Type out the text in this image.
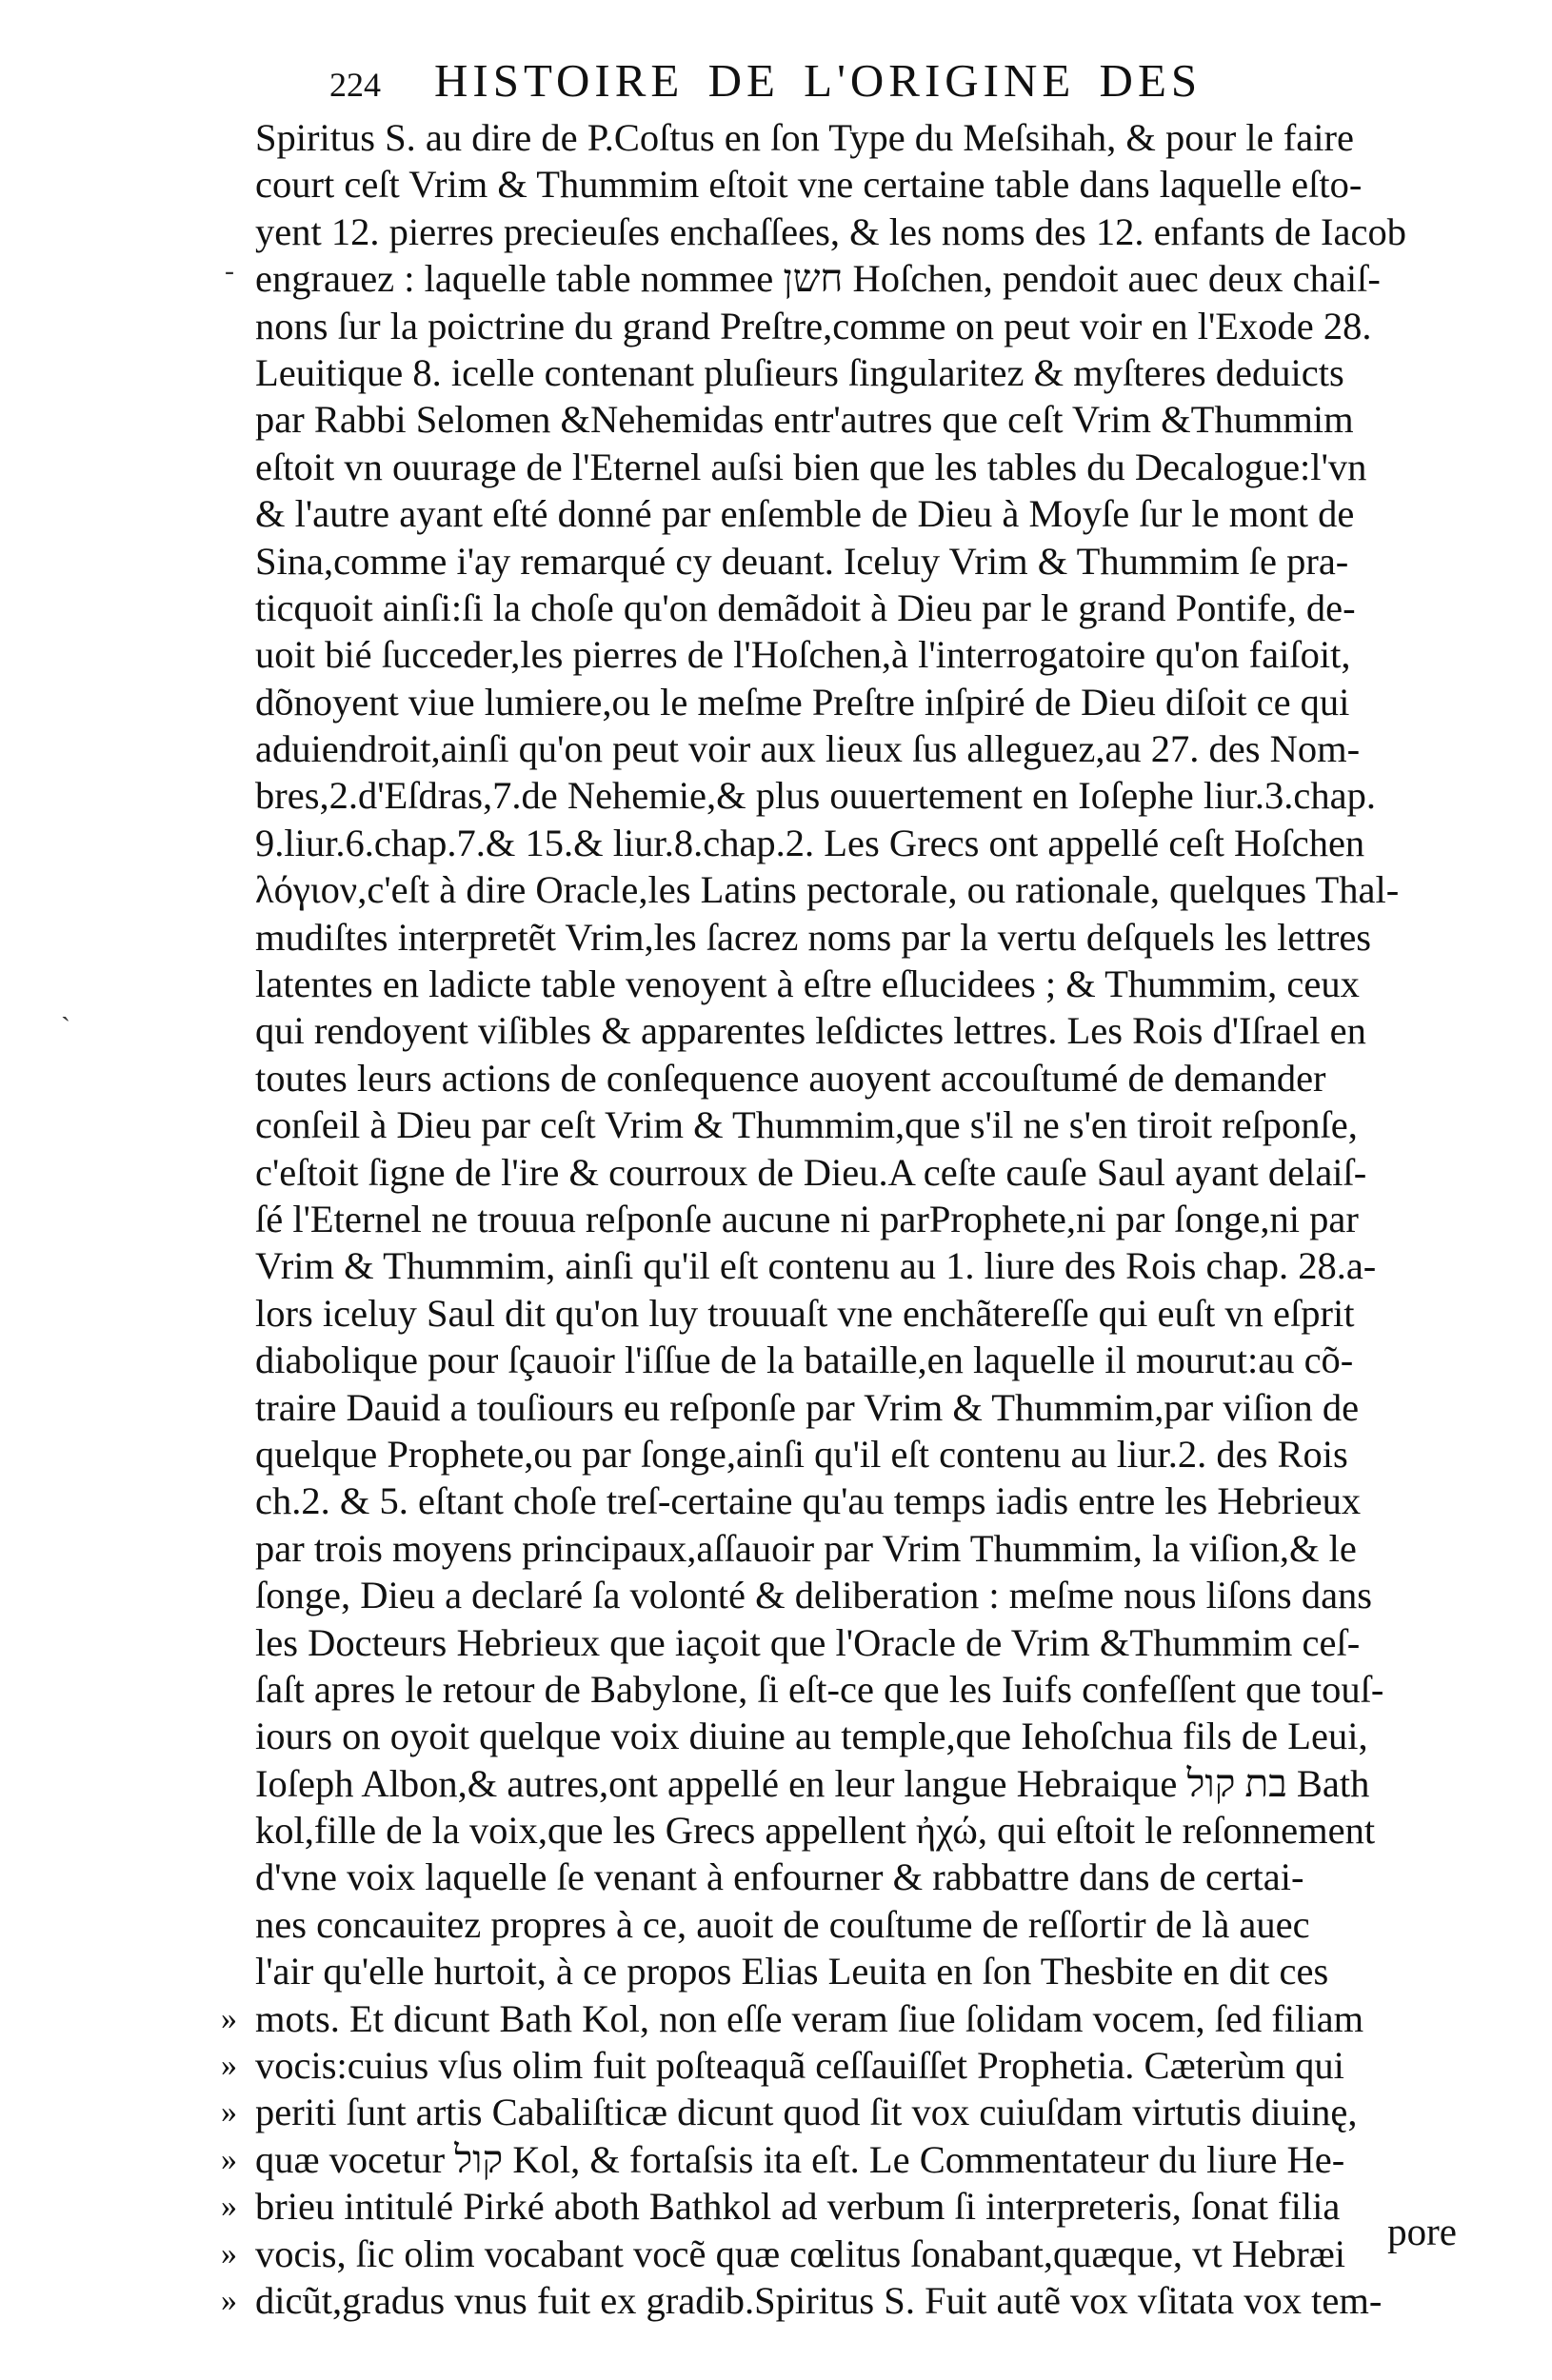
224	HISTOIRE DE L'ORIGINE DES
-
ˏ
Spiritus S. au dire de P.Coſtus en ſon Type du Meſsihah, & pour le faire
court ceſt Vrim & Thummim eſtoit vne certaine table dans laquelle eſto-
yent 12. pierres precieuſes enchaſſees, & les noms des 12. enfants de Iacob
engrauez : laquelle table nommee חשן Hoſchen, pendoit auec deux chaiſ-
nons ſur la poictrine du grand Preſtre,comme on peut voir en l'Exode 28.
Leuitique 8. icelle contenant pluſieurs ſingularitez & myſteres deduicts
par Rabbi Selomen &Nehemidas entr'autres que ceſt Vrim &Thummim
eſtoit vn ouurage de l'Eternel auſsi bien que les tables du Decalogue:l'vn
& l'autre ayant eſté donné par enſemble de Dieu à Moyſe ſur le mont de
Sina,comme i'ay remarqué cy deuant. Iceluy Vrim & Thummim ſe pra-
ticquoit ainſi:ſi la choſe qu'on demãdoit à Dieu par le grand Pontife, de-
uoit bié ſucceder,les pierres de l'Hoſchen,à l'interrogatoire qu'on faiſoit,
dõnoyent viue lumiere,ou le meſme Preſtre inſpiré de Dieu diſoit ce qui
aduiendroit,ainſi qu'on peut voir aux lieux ſus alleguez,au 27. des Nom-
bres,2.d'Eſdras,7.de Nehemie,& plus ouuertement en Ioſephe liur.3.chap.
9.liur.6.chap.7.& 15.& liur.8.chap.2. Les Grecs ont appellé ceſt Hoſchen
λόγιον,c'eſt à dire Oracle,les Latins pectorale, ou rationale, quelques Thal-
mudiſtes interpretẽt Vrim,les ſacrez noms par la vertu deſquels les lettres
latentes en ladicte table venoyent à eſtre eſlucidees ; & Thummim, ceux
qui rendoyent viſibles & apparentes leſdictes lettres. Les Rois d'Iſrael en
toutes leurs actions de conſequence auoyent accouſtumé de demander
conſeil à Dieu par ceſt Vrim & Thummim,que s'il ne s'en tiroit reſponſe,
c'eſtoit ſigne de l'ire & courroux de Dieu.A ceſte cauſe Saul ayant delaiſ-
ſé l'Eternel ne trouua reſponſe aucune ni parProphete,ni par ſonge,ni par
Vrim & Thummim, ainſi qu'il eſt contenu au 1. liure des Rois chap. 28.a-
lors iceluy Saul dit qu'on luy trouuaſt vne enchãtereſſe qui euſt vn eſprit
diabolique pour ſçauoir l'iſſue de la bataille,en laquelle il mourut:au cõ-
traire Dauid a touſiours eu reſponſe par Vrim & Thummim,par viſion de
quelque Prophete,ou par ſonge,ainſi qu'il eſt contenu au liur.2. des Rois
ch.2. & 5. eſtant choſe treſ-certaine qu'au temps iadis entre les Hebrieux
par trois moyens principaux,aſſauoir par Vrim Thummim, la viſion,& le
ſonge, Dieu a declaré ſa volonté & deliberation : meſme nous liſons dans
les Docteurs Hebrieux que iaçoit que l'Oracle de Vrim &Thummim ceſ-
ſaſt apres le retour de Babylone, ſi eſt-ce que les Iuifs confeſſent que touſ-
iours on oyoit quelque voix diuine au temple,que Iehoſchua fils de Leui,
Ioſeph Albon,& autres,ont appellé en leur langue Hebraique בת קול Bath
kol,fille de la voix,que les Grecs appellent ἠχώ, qui eſtoit le reſonnement
d'vne voix laquelle ſe venant à enfourner & rabbattre dans de certai-
nes concauitez propres à ce, auoit de couſtume de reſſortir de là auec
l'air qu'elle hurtoit, à ce propos Elias Leuita en ſon Thesbite en dit ces
» mots. Et dicunt Bath Kol, non eſſe veram ſiue ſolidam vocem, ſed filiam
» vocis:cuius vſus olim fuit poſteaquã ceſſauiſſet Prophetia. Cæterùm qui
» periti ſunt artis Cabaliſticæ dicunt quod ſit vox cuiuſdam virtutis diuinę,
» quæ vocetur קול Kol, & fortaſsis ita eſt. Le Commentateur du liure He-
» brieu intitulé Pirké aboth Bathkol ad verbum ſi interpreteris, ſonat filia
» vocis, ſic olim vocabant vocẽ quæ cœlitus ſonabant,quæque, vt Hebræi
» dicũt,gradus vnus fuit ex gradib.Spiritus S. Fuit autẽ vox vſitata vox tem-
pore
